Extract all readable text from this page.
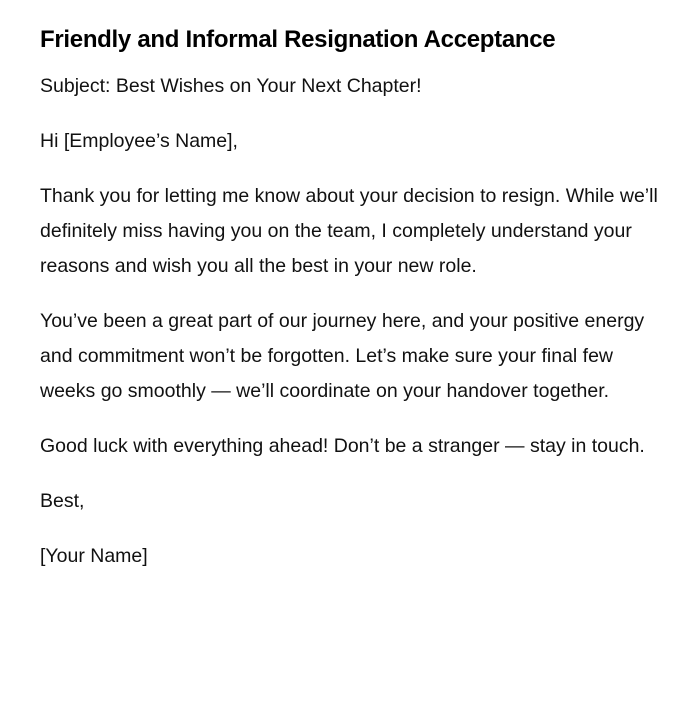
Friendly and Informal Resignation Acceptance

Subject: Best Wishes on Your Next Chapter!

Hi [Employee’s Name],

Thank you for letting me know about your decision to resign. While we’ll definitely miss having you on the team, I completely understand your reasons and wish you all the best in your new role.

You’ve been a great part of our journey here, and your positive energy and commitment won’t be forgotten. Let’s make sure your final few weeks go smoothly — we’ll coordinate on your handover together.

Good luck with everything ahead! Don’t be a stranger — stay in touch.

Best,

[Your Name]
